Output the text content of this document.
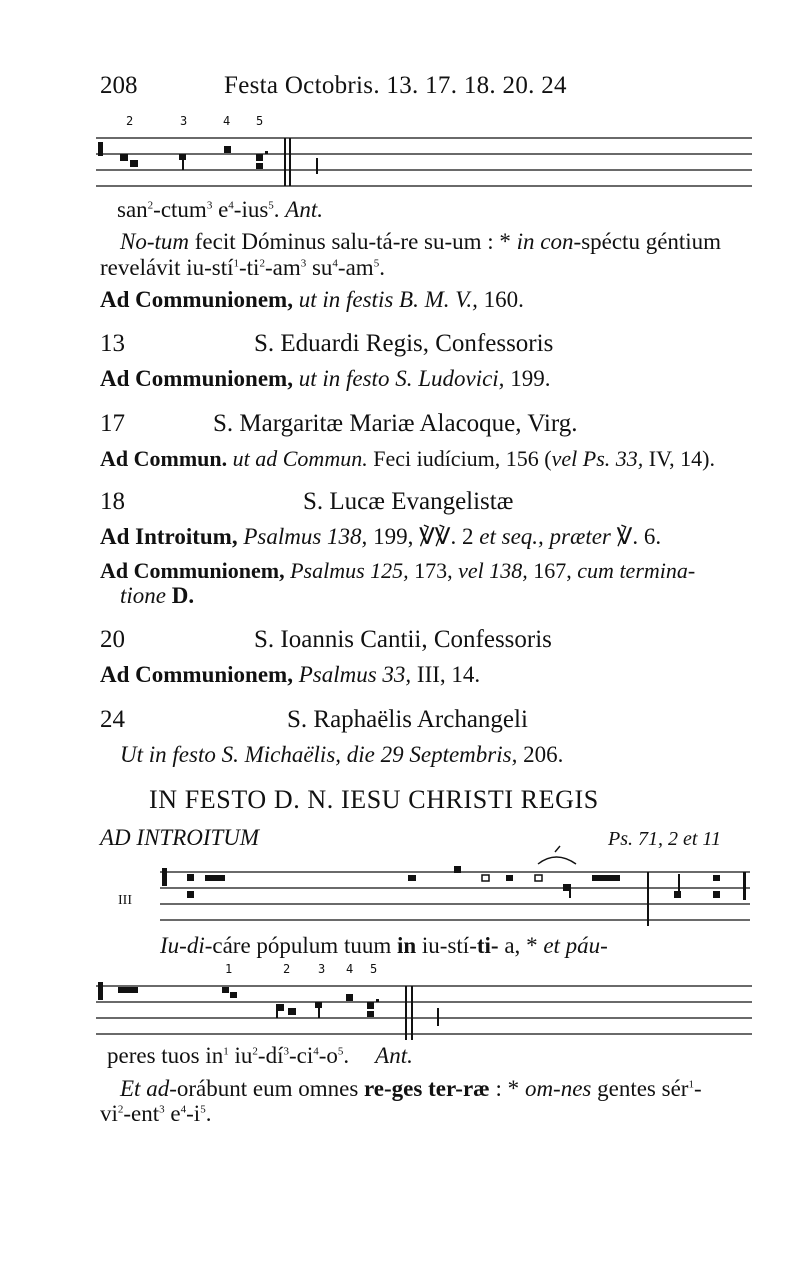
208	Festa Octobris. 13. 17. 18. 20. 24
2	3	4 5
san$^2$-ctum$^3$ $e^4-ius^5$. Ant.
No-tum fecit Dóminus salu-tá-re su-um : * in con-spéctu géntium
revelávit $iu-stí^1-ti^2-am^3$ $su^4-am^5$.
Ad Communionem, ut in festis B. M. V., 160.
13	S. Eduardi Regis, Confessoris
Ad Communionem, ut in festo S. Ludovici, 199.
17	S. Margaritæ Mariæ Alacoque, Virg.
Ad Commun. ut ad Commun. Feci iudícium, 156 (vel Ps. 33, IV, 14).
18	S. Lucæ Evangelistæ
Ad Introitum, Psalmus 138, 199, ℣℣. 2 et seq., præter ℣. 6.
Ad Communionem, Psalmus 125, 173, vel 138, 167, cum termina-
tione D.
20	S. Ioannis Cantii, Confessoris
Ad Communionem, Psalmus 33, III, 14.
24	S. Raphaëlis Archangeli
Ut in festo S. Michaëlis, die 29 Septembris, 206.
IN FESTO D. N. IESU CHRISTI REGIS
AD INTROITUM	Ps. 71, 2 et 11
III
Iu-di-cáre pópulum tuum in iu-stí-ti- a, * et páu-
1	2 3 4 5
peres tuos $in^1$ $iu^2-dí^3-ci^4-o^5$. Ant.
Et ad-orábunt eum omnes re-ges ter-ræ : * om-nes gentes sér$^1$-
$vi^2-ent^3$ $e^4-i^5$.
